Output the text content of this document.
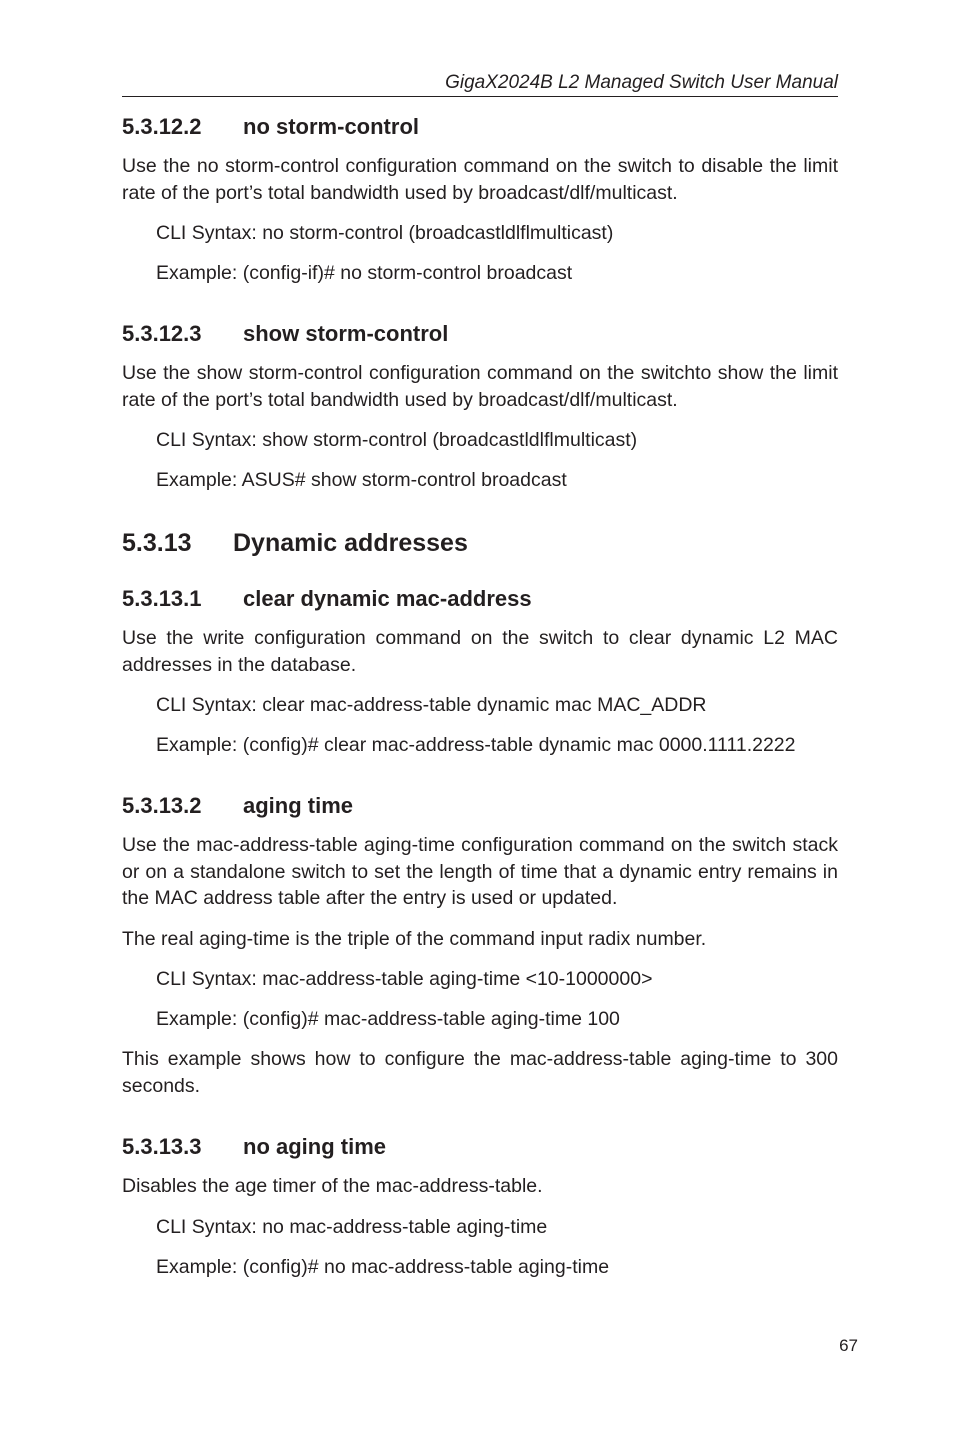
GigaX2024B L2 Managed Switch User Manual
5.3.12.2 no storm-control

Use the no storm-control configuration command on the switch to disable the limit rate of the port’s total bandwidth used by broadcast/dlf/multicast.

CLI Syntax: no storm-control (broadcastldlflmulticast)
Example: (config-if)# no storm-control broadcast
5.3.12.3 show storm-control

Use the show storm-control configuration command on the switchto show the limit rate of the port’s total bandwidth used by broadcast/dlf/multicast.

CLI Syntax: show storm-control (broadcastldlflmulticast)
Example: ASUS# show storm-control broadcast
5.3.13 Dynamic addresses
5.3.13.1 clear dynamic mac-address

Use the write configuration command on the switch to clear dynamic L2 MAC addresses in the database.

CLI Syntax: clear mac-address-table dynamic mac MAC_ADDR
Example: (config)# clear mac-address-table dynamic mac 0000.1111.2222
5.3.13.2 aging time

Use the mac-address-table aging-time configuration command on the switch stack or on a standalone switch to set the length of time that a dynamic entry remains in the MAC address table after the entry is used or updated.

The real aging-time is the triple of the command input radix number.

CLI Syntax: mac-address-table aging-time <10-1000000>
Example: (config)# mac-address-table aging-time 100

This example shows how to configure the mac-address-table aging-time to 300 seconds.

5.3.13.3 no aging time

Disables the age timer of the mac-address-table.

CLI Syntax: no mac-address-table aging-time
Example: (config)# no mac-address-table aging-time
67
